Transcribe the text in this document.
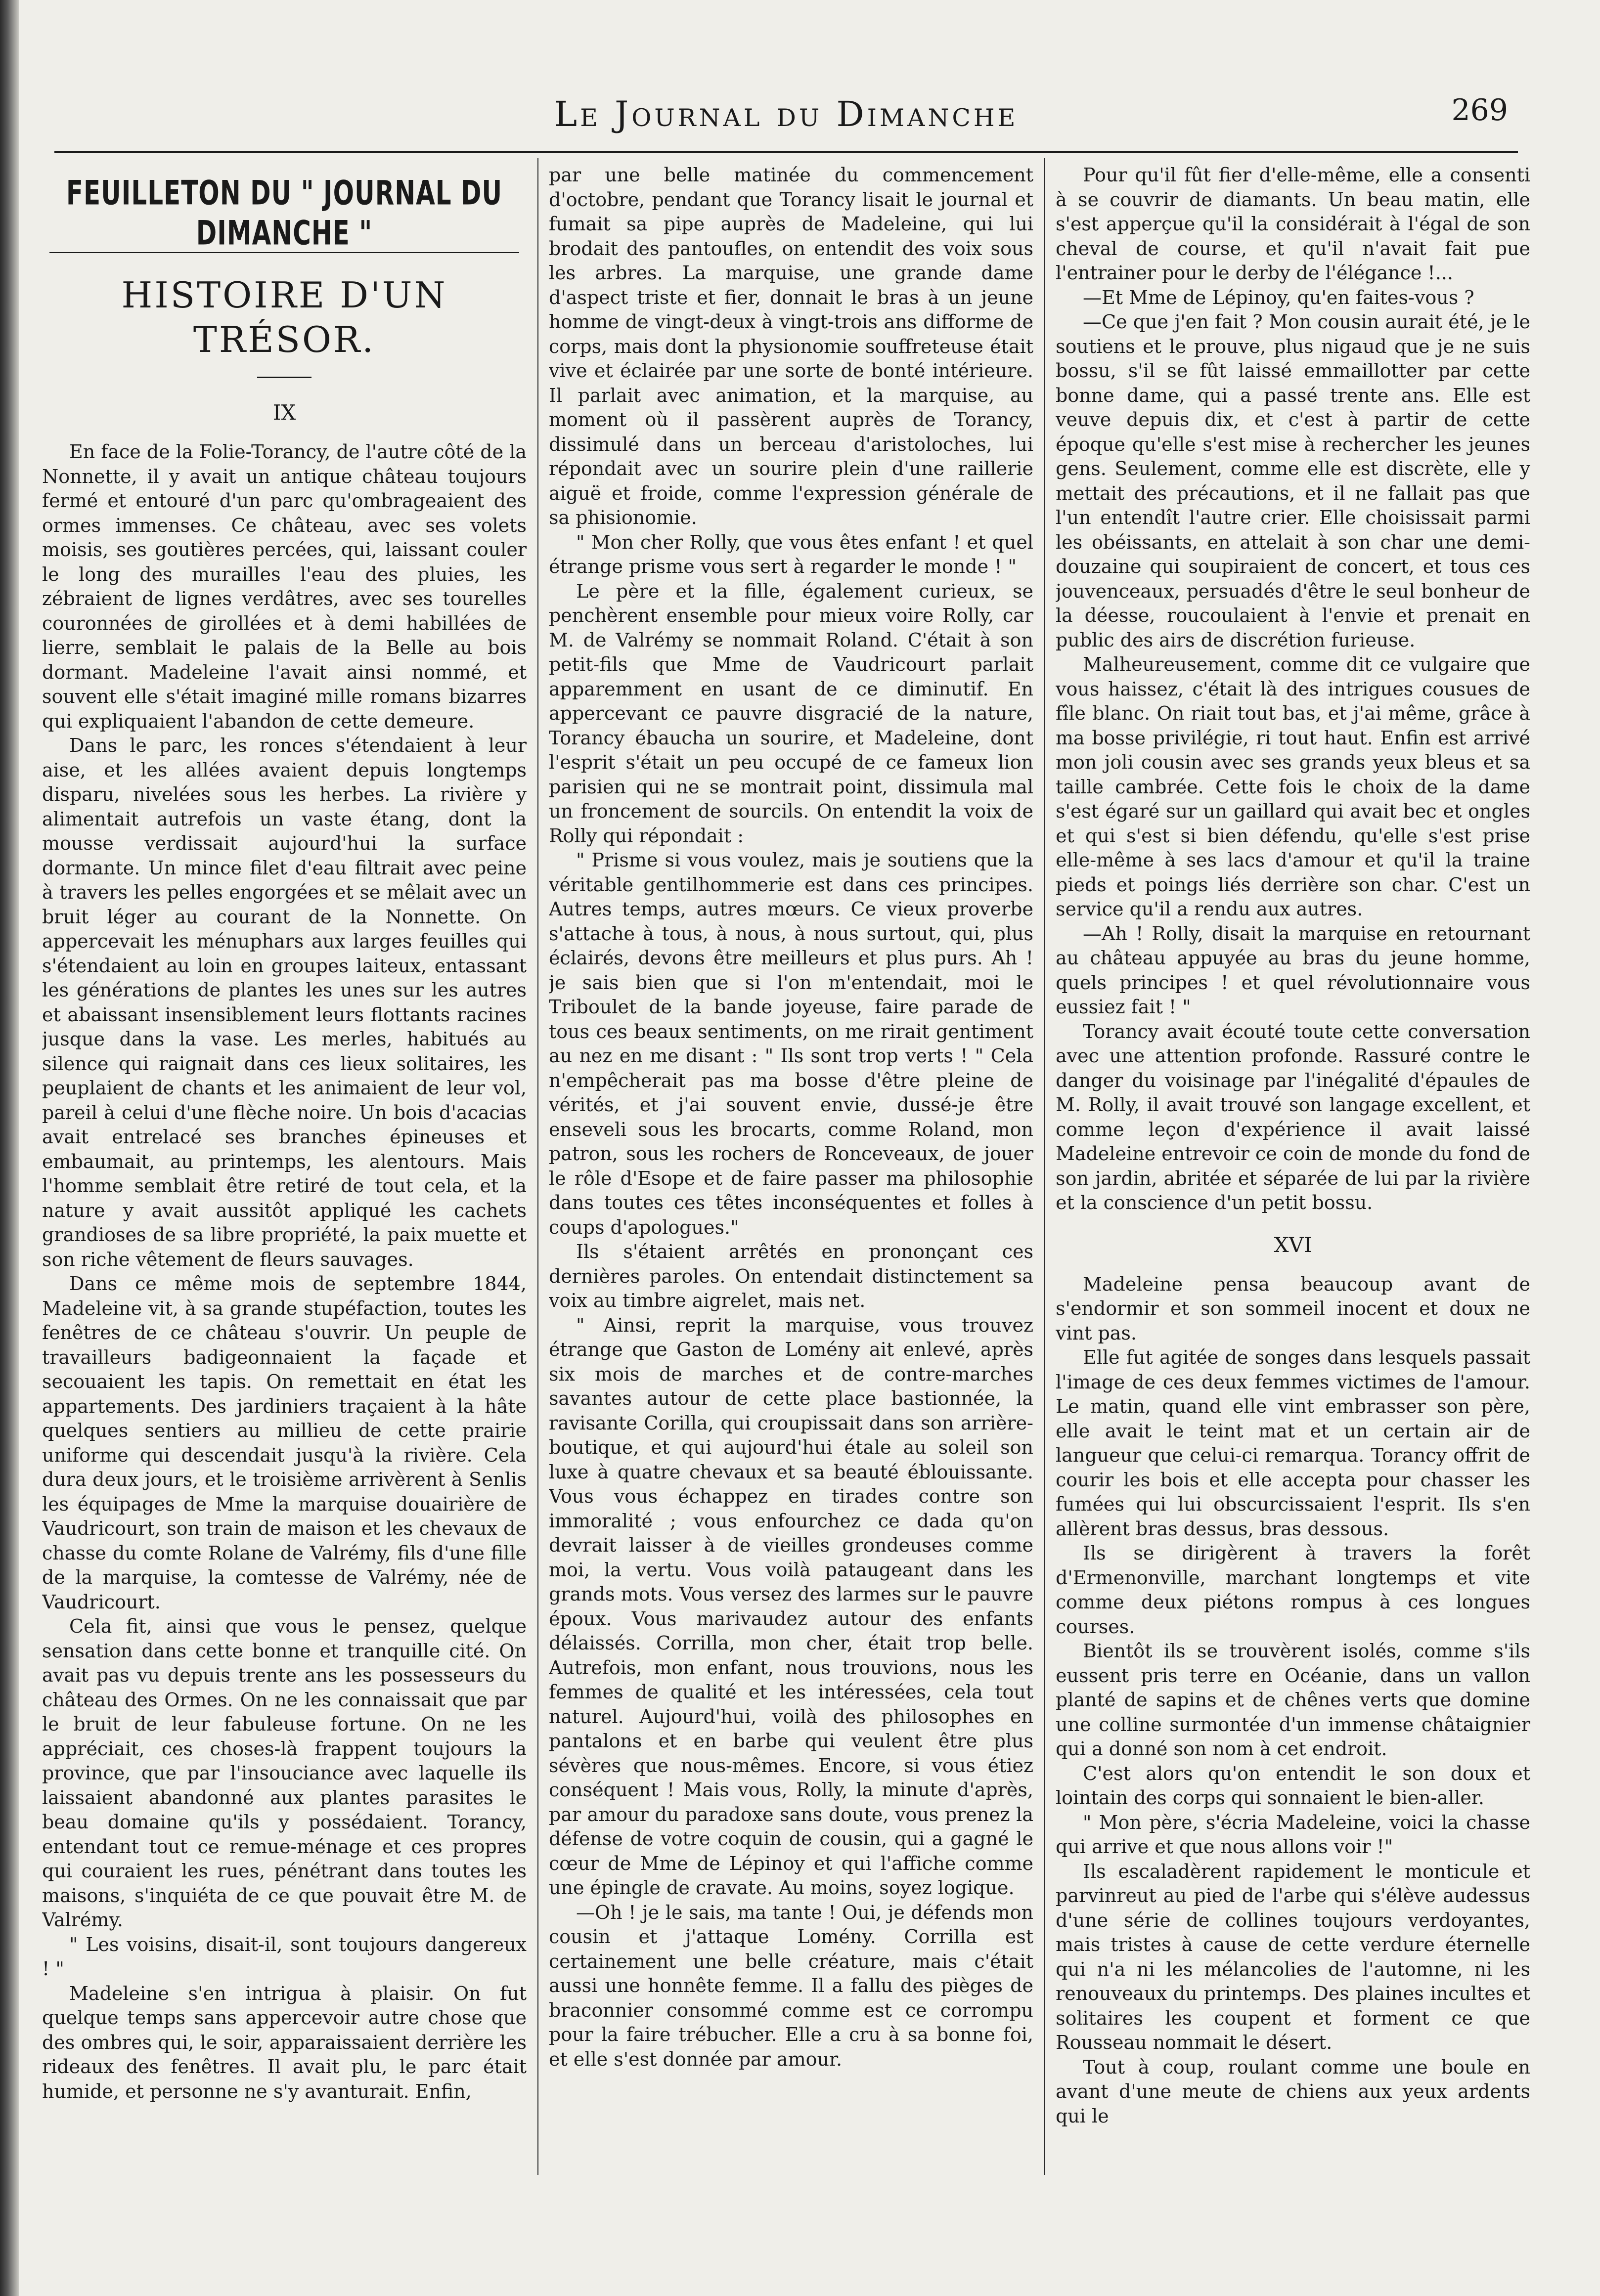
Le Journal du Dimanche	269
FEUILLETON DU " JOURNAL DU DIMANCHE "
HISTOIRE D'UN TRÉSOR.
IX

En face de la Folie-Torancy, de l'autre côté de la Nonnette, il y avait un antique château toujours fermé et entouré d'un parc qu'ombrageaient des ormes immenses. Ce château, avec ses volets moisis, ses goutières percées, qui, laissant couler le long des murailles l'eau des pluies, les zébraient de lignes verdâtres, avec ses tourelles couronnées de girollées et à demi habillées de lierre, semblait le palais de la Belle au bois dormant. Madeleine l'avait ainsi nommé, et souvent elle s'était imaginé mille romans bizarres qui expliquaient l'abandon de cette demeure.

Dans le parc, les ronces s'étendaient à leur aise, et les allées avaient depuis longtemps disparu, nivelées sous les herbes. La rivière y alimentait autrefois un vaste étang, dont la mousse verdissait aujourd'hui la surface dormante. Un mince filet d'eau filtrait avec peine à travers les pelles engorgées et se mêlait avec un bruit léger au courant de la Nonnette. On appercevait les ménuphars aux larges feuilles qui s'étendaient au loin en groupes laiteux, entassant les générations de plantes les unes sur les autres et abaissant insensiblement leurs flottants racines jusque dans la vase. Les merles, habitués au silence qui raignait dans ces lieux solitaires, les peuplaient de chants et les animaient de leur vol, pareil à celui d'une flèche noire. Un bois d'acacias avait entrelacé ses branches épineuses et embaumait, au printemps, les alentours. Mais l'homme semblait être retiré de tout cela, et la nature y avait aussitôt appliqué les cachets grandioses de sa libre propriété, la paix muette et son riche vêtement de fleurs sauvages.

Dans ce même mois de septembre 1844, Madeleine vit, à sa grande stupéfaction, toutes les fenêtres de ce château s'ouvrir. Un peuple de travailleurs badigeonnaient la façade et secouaient les tapis. On remettait en état les appartements. Des jardiniers traçaient à la hâte quelques sentiers au millieu de cette prairie uniforme qui descendait jusqu'à la rivière. Cela dura deux jours, et le troisième arrivèrent à Senlis les équipages de Mme la marquise douairière de Vaudricourt, son train de maison et les chevaux de chasse du comte Rolane de Valrémy, fils d'une fille de la marquise, la comtesse de Valrémy, née de Vaudricourt.

Cela fit, ainsi que vous le pensez, quelque sensation dans cette bonne et tranquille cité. On avait pas vu depuis trente ans les possesseurs du château des Ormes. On ne les connaissait que par le bruit de leur fabuleuse fortune. On ne les appréciait, ces choses-là frappent toujours la province, que par l'insouciance avec laquelle ils laissaient abandonné aux plantes parasites le beau domaine qu'ils y possédaient. Torancy, entendant tout ce remue-ménage et ces propres qui couraient les rues, pénétrant dans toutes les maisons, s'inquiéta de ce que pouvait être M. de Valrémy.

" Les voisins, disait-il, sont toujours dangereux ! "

Madeleine s'en intrigua à plaisir. On fut quelque temps sans appercevoir autre chose que des ombres qui, le soir, apparaissaient derrière les rideaux des fenêtres. Il avait plu, le parc était humide, et personne ne s'y avanturait. Enfin,

par une belle matinée du commencement d'octobre, pendant que Torancy lisait le journal et fumait sa pipe auprès de Madeleine, qui lui brodait des pantoufles, on entendit des voix sous les arbres. La marquise, une grande dame d'aspect triste et fier, donnait le bras à un jeune homme de vingt-deux à vingt-trois ans difforme de corps, mais dont la physionomie souffreteuse était vive et éclairée par une sorte de bonté intérieure. Il parlait avec animation, et la marquise, au moment où il passèrent auprès de Torancy, dissimulé dans un berceau d'aristoloches, lui répondait avec un sourire plein d'une raillerie aiguë et froide, comme l'expression générale de sa phisionomie.

" Mon cher Rolly, que vous êtes enfant ! et quel étrange prisme vous sert à regarder le monde ! "

Le père et la fille, également curieux, se penchèrent ensemble pour mieux voire Rolly, car M. de Valrémy se nommait Roland. C'était à son petit-fils que Mme de Vaudricourt parlait apparemment en usant de ce diminutif. En appercevant ce pauvre disgracié de la nature, Torancy ébaucha un sourire, et Madeleine, dont l'esprit s'était un peu occupé de ce fameux lion parisien qui ne se montrait point, dissimula mal un froncement de sourcils. On entendit la voix de Rolly qui répondait :

" Prisme si vous voulez, mais je soutiens que la véritable gentilhommerie est dans ces principes. Autres temps, autres mœurs. Ce vieux proverbe s'attache à tous, à nous, à nous surtout, qui, plus éclairés, devons être meilleurs et plus purs. Ah ! je sais bien que si l'on m'entendait, moi le Triboulet de la bande joyeuse, faire parade de tous ces beaux sentiments, on me rirait gentiment au nez en me disant : " Ils sont trop verts ! " Cela n'empêcherait pas ma bosse d'être pleine de vérités, et j'ai souvent envie, dussé-je être enseveli sous les brocarts, comme Roland, mon patron, sous les rochers de Ronceveaux, de jouer le rôle d'Esope et de faire passer ma philosophie dans toutes ces têtes inconséquentes et folles à coups d'apologues."

Ils s'étaient arrêtés en prononçant ces dernières paroles. On entendait distinctement sa voix au timbre aigrelet, mais net.

" Ainsi, reprit la marquise, vous trouvez étrange que Gaston de Lomény ait enlevé, après six mois de marches et de contre-marches savantes autour de cette place bastionnée, la ravisante Corilla, qui croupissait dans son arrière-boutique, et qui aujourd'hui étale au soleil son luxe à quatre chevaux et sa beauté éblouissante. Vous vous échappez en tirades contre son immoralité ; vous enfourchez ce dada qu'on devrait laisser à de vieilles grondeuses comme moi, la vertu. Vous voilà pataugeant dans les grands mots. Vous versez des larmes sur le pauvre époux. Vous marivaudez autour des enfants délaissés. Corrilla, mon cher, était trop belle. Autrefois, mon enfant, nous trouvions, nous les femmes de qualité et les intéressées, cela tout naturel. Aujourd'hui, voilà des philosophes en pantalons et en barbe qui veulent être plus sévères que nous-mêmes. Encore, si vous étiez conséquent ! Mais vous, Rolly, la minute d'après, par amour du paradoxe sans doute, vous prenez la défense de votre coquin de cousin, qui a gagné le cœur de Mme de Lépinoy et qui l'affiche comme une épingle de cravate. Au moins, soyez logique.

—Oh ! je le sais, ma tante ! Oui, je défends mon cousin et j'attaque Lomény. Corrilla est certainement une belle créature, mais c'était aussi une honnête femme. Il a fallu des pièges de braconnier consommé comme est ce corrompu pour la faire trébucher. Elle a cru à sa bonne foi, et elle s'est donnée par amour.

Pour qu'il fût fier d'elle-même, elle a consenti à se couvrir de diamants. Un beau matin, elle s'est apperçue qu'il la considérait à l'égal de son cheval de course, et qu'il n'avait fait pue l'entrainer pour le derby de l'élégance !...

—Et Mme de Lépinoy, qu'en faites-vous ?

—Ce que j'en fait ? Mon cousin aurait été, je le soutiens et le prouve, plus nigaud que je ne suis bossu, s'il se fût laissé emmaillotter par cette bonne dame, qui a passé trente ans. Elle est veuve depuis dix, et c'est à partir de cette époque qu'elle s'est mise à rechercher les jeunes gens. Seulement, comme elle est discrète, elle y mettait des précautions, et il ne fallait pas que l'un entendît l'autre crier. Elle choisissait parmi les obéissants, en attelait à son char une demi-douzaine qui soupiraient de concert, et tous ces jouvenceaux, persuadés d'être le seul bonheur de la déesse, roucoulaient à l'envie et prenait en public des airs de discrétion furieuse.

Malheureusement, comme dit ce vulgaire que vous haissez, c'était là des intrigues cousues de fîle blanc. On riait tout bas, et j'ai même, grâce à ma bosse privilégie, ri tout haut. Enfin est arrivé mon joli cousin avec ses grands yeux bleus et sa taille cambrée. Cette fois le choix de la dame s'est égaré sur un gaillard qui avait bec et ongles et qui s'est si bien défendu, qu'elle s'est prise elle-même à ses lacs d'amour et qu'il la traine pieds et poings liés derrière son char. C'est un service qu'il a rendu aux autres.

—Ah ! Rolly, disait la marquise en retournant au château appuyée au bras du jeune homme, quels principes ! et quel révolutionnaire vous eussiez fait ! "

Torancy avait écouté toute cette conversation avec une attention profonde. Rassuré contre le danger du voisinage par l'inégalité d'épaules de M. Rolly, il avait trouvé son langage excellent, et comme leçon d'expérience il avait laissé Madeleine entrevoir ce coin de monde du fond de son jardin, abritée et séparée de lui par la rivière et la conscience d'un petit bossu.

XVI

Madeleine pensa beaucoup avant de s'endormir et son sommeil inocent et doux ne vint pas.

Elle fut agitée de songes dans lesquels passait l'image de ces deux femmes victimes de l'amour. Le matin, quand elle vint embrasser son père, elle avait le teint mat et un certain air de langueur que celui-ci remarqua. Torancy offrit de courir les bois et elle accepta pour chasser les fumées qui lui obscurcissaient l'esprit. Ils s'en allèrent bras dessus, bras dessous.

Ils se dirigèrent à travers la forêt d'Ermenonville, marchant longtemps et vite comme deux piétons rompus à ces longues courses.

Bientôt ils se trouvèrent isolés, comme s'ils eussent pris terre en Océanie, dans un vallon planté de sapins et de chênes verts que domine une colline surmontée d'un immense châtaignier qui a donné son nom à cet endroit.

C'est alors qu'on entendit le son doux et lointain des corps qui sonnaient le bien-aller.

" Mon père, s'écria Madeleine, voici la chasse qui arrive et que nous allons voir !"

Ils escaladèrent rapidement le monticule et parvinreut au pied de l'arbe qui s'élève audessus d'une série de collines toujours verdoyantes, mais tristes à cause de cette verdure éternelle qui n'a ni les mélancolies de l'automne, ni les renouveaux du printemps. Des plaines incultes et solitaires les coupent et forment ce que Rousseau nommait le désert.

Tout à coup, roulant comme une boule en avant d'une meute de chiens aux yeux ardents qui le
